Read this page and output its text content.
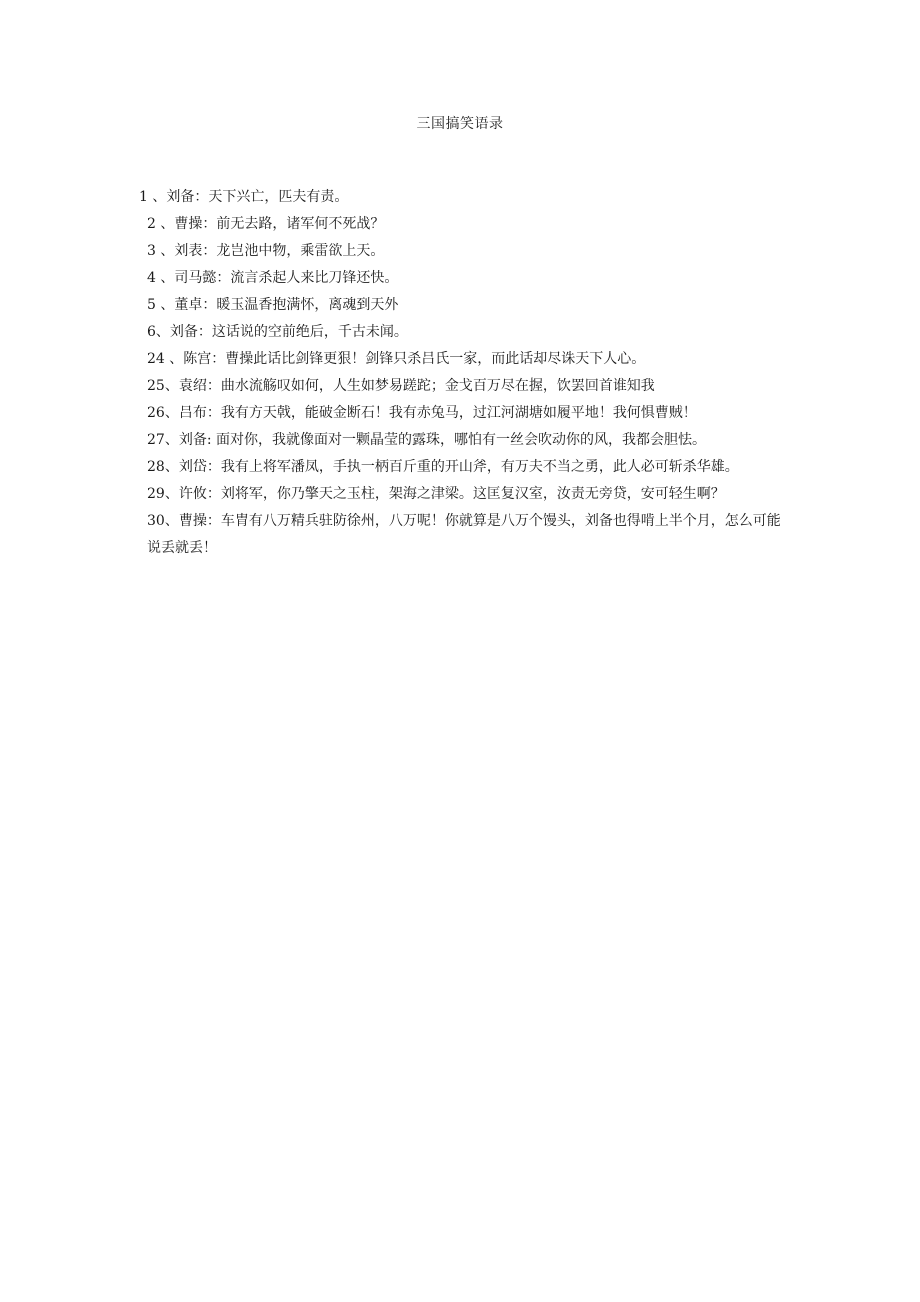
三国搞笑语录
1 、刘备：天下兴亡，匹夫有责。
2 、曹操：前无去路，诸军何不死战？
3 、刘表：龙岂池中物，乘雷欲上天。
4 、司马懿：流言杀起人来比刀锋还快。
5 、董卓：暖玉温香抱满怀，离魂到天外
6、刘备：这话说的空前绝后，千古未闻。
24 、陈宫：曹操此话比剑锋更狠！剑锋只杀吕氏一家，而此话却尽诛天下人心。
25、袁绍：曲水流觞叹如何，人生如梦易蹉跎；金戈百万尽在握，饮罢回首谁知我
26、吕布：我有方天戟，能破金断石！我有赤兔马，过江河湖塘如履平地！我何惧曹贼！
27、刘备: 面对你，我就像面对一颗晶莹的露珠，哪怕有一丝会吹动你的风，我都会胆怯。
28、刘岱：我有上将军潘凤，手执一柄百斤重的开山斧，有万夫不当之勇，此人必可斩杀华雄。
29、许攸：刘将军，你乃擎天之玉柱，架海之津梁。这匡复汉室，汝责无旁贷，安可轻生啊？
30、曹操：车胄有八万精兵驻防徐州，八万呢！你就算是八万个馒头，刘备也得啃上半个月，怎么可能说丢就丢！
